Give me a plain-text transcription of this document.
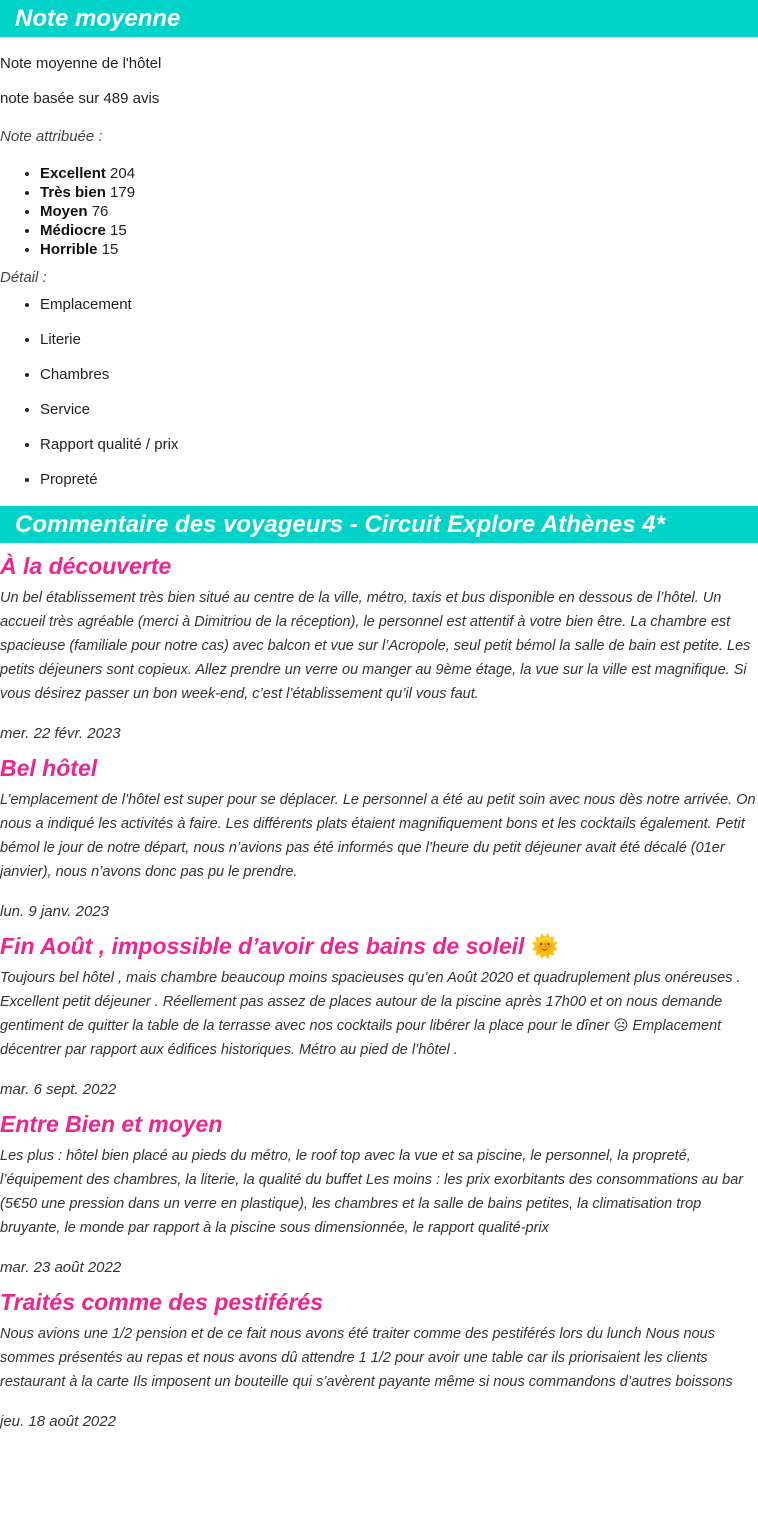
Note moyenne

Note moyenne de l'hôtel

note basée sur 489 avis

Note attribuée :

• Excellent 204
• Très bien 179
• Moyen 76
• Médiocre 15
• Horrible 15

Détail :

• Emplacement
• Literie
• Chambres
• Service
• Rapport qualité / prix
• Propreté
Commentaire des voyageurs - Circuit Explore Athènes 4*
À la découverte

Un bel établissement très bien situé au centre de la ville, métro, taxis et bus disponible en dessous de l’hôtel. Un accueil très agréable (merci à Dimitriou de la réception), le personnel est attentif à votre bien être. La chambre est spacieuse (familiale pour notre cas) avec balcon et vue sur l’Acropole, seul petit bémol la salle de bain est petite. Les petits déjeuners sont copieux. Allez prendre un verre ou manger au 9ème étage, la vue sur la ville est magnifique. Si vous désirez passer un bon week-end, c’est l’établissement qu’il vous faut.

mer. 22 févr. 2023

Bel hôtel

L’emplacement de l’hôtel est super pour se déplacer. Le personnel a été au petit soin avec nous dès notre arrivée. On nous a indiqué les activités à faire. Les différents plats étaient magnifiquement bons et les cocktails également. Petit bémol le jour de notre départ, nous n’avions pas été informés que l’heure du petit déjeuner avait été décalé (01er janvier), nous n’avons donc pas pu le prendre.

lun. 9 janv. 2023

Fin Août , impossible d’avoir des bains de soleil 🌞

Toujours bel hôtel , mais chambre beaucoup moins spacieuses qu’en Août 2020 et quadruplement plus onéreuses . Excellent petit déjeuner . Réellement pas assez de places autour de la piscine après 17h00 et on nous demande gentiment de quitter la table de la terrasse avec nos cocktails pour libérer la place pour le dîner ☹ Emplacement décentrer par rapport aux édifices historiques. Métro au pied de l’hôtel .

mar. 6 sept. 2022

Entre Bien et moyen

Les plus : hôtel bien placé au pieds du métro, le roof top avec la vue et sa piscine, le personnel, la propreté, l’équipement des chambres, la literie, la qualité du buffet Les moins : les prix exorbitants des consommations au bar (5€50 une pression dans un verre en plastique), les chambres et la salle de bains petites, la climatisation trop bruyante, le monde par rapport à la piscine sous dimensionnée, le rapport qualité-prix

mar. 23 août 2022

Traités comme des pestiférés

Nous avions une 1/2 pension et de ce fait nous avons été traiter comme des pestiférés lors du lunch Nous nous sommes présentés au repas et nous avons dû attendre 1 1/2 pour avoir une table car ils priorisaient les clients restaurant à la carte Ils imposent un bouteille qui s’avèrent payante même si nous commandons d’autres boissons

jeu. 18 août 2022
